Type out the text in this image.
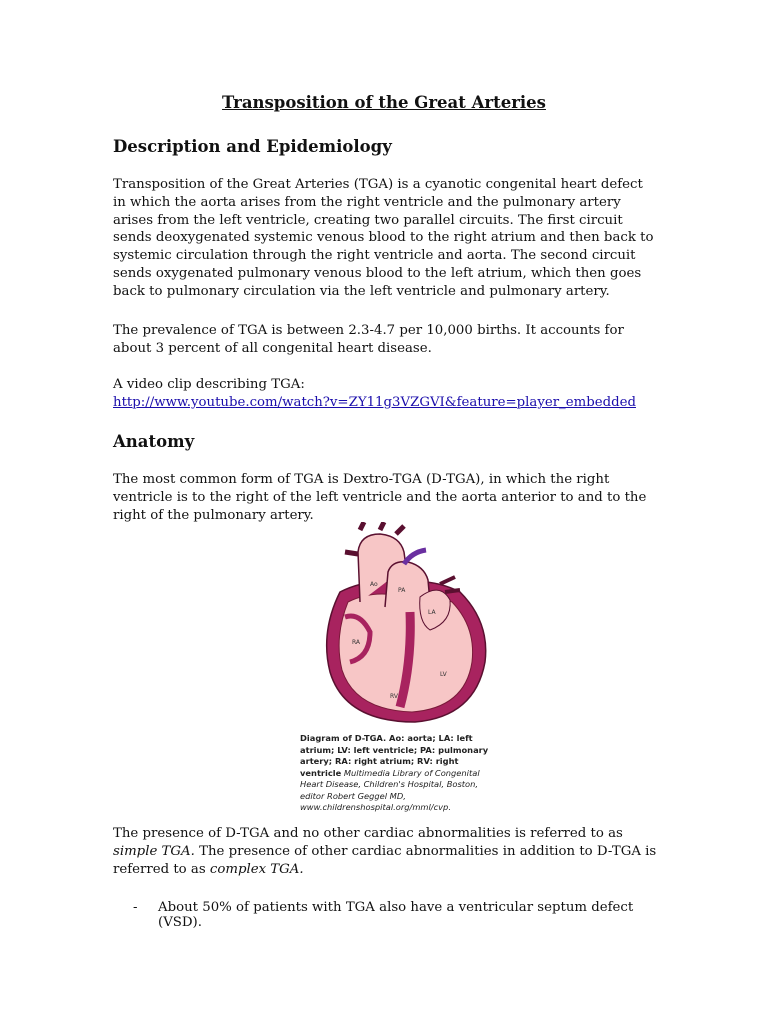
Transposition of the Great Arteries
Description and Epidemiology

Transposition of the Great Arteries (TGA) is a cyanotic congenital heart defect in which the aorta arises from the right ventricle and the pulmonary artery arises from the left ventricle, creating two parallel circuits. The first circuit sends deoxygenated systemic venous blood to the right atrium and then back to systemic circulation through the right ventricle and aorta. The second circuit sends oxygenated pulmonary venous blood to the left atrium, which then goes back to pulmonary circulation via the left ventricle and pulmonary artery.

The prevalence of TGA is between 2.3-4.7 per 10,000 births. It accounts for about 3 percent of all congenital heart disease.

A video clip describing TGA:

http://www.youtube.com/watch?v=ZY11g3VZGVI&feature=player_embedded

Anatomy

The most common form of TGA is Dextro-TGA (D-TGA), in which the right ventricle is to the right of the left ventricle and the aorta anterior to and to the right of the pulmonary artery.

Ao
PA
LA
RA
LV
RV
Diagram of D-TGA. Ao: aorta; LA: left atrium; LV: left ventricle; PA: pulmonary artery; RA: right atrium; RV: right ventricle Multimedia Library of Congenital Heart Disease, Children's Hospital, Boston, editor Robert Geggel MD, www.childrenshospital.org/mml/cvp.

The presence of D-TGA and no other cardiac abnormalities is referred to as simple TGA. The presence of other cardiac abnormalities in addition to D-TGA is referred to as complex TGA.

- About 50% of patients with TGA also have a ventricular septum defect (VSD).
